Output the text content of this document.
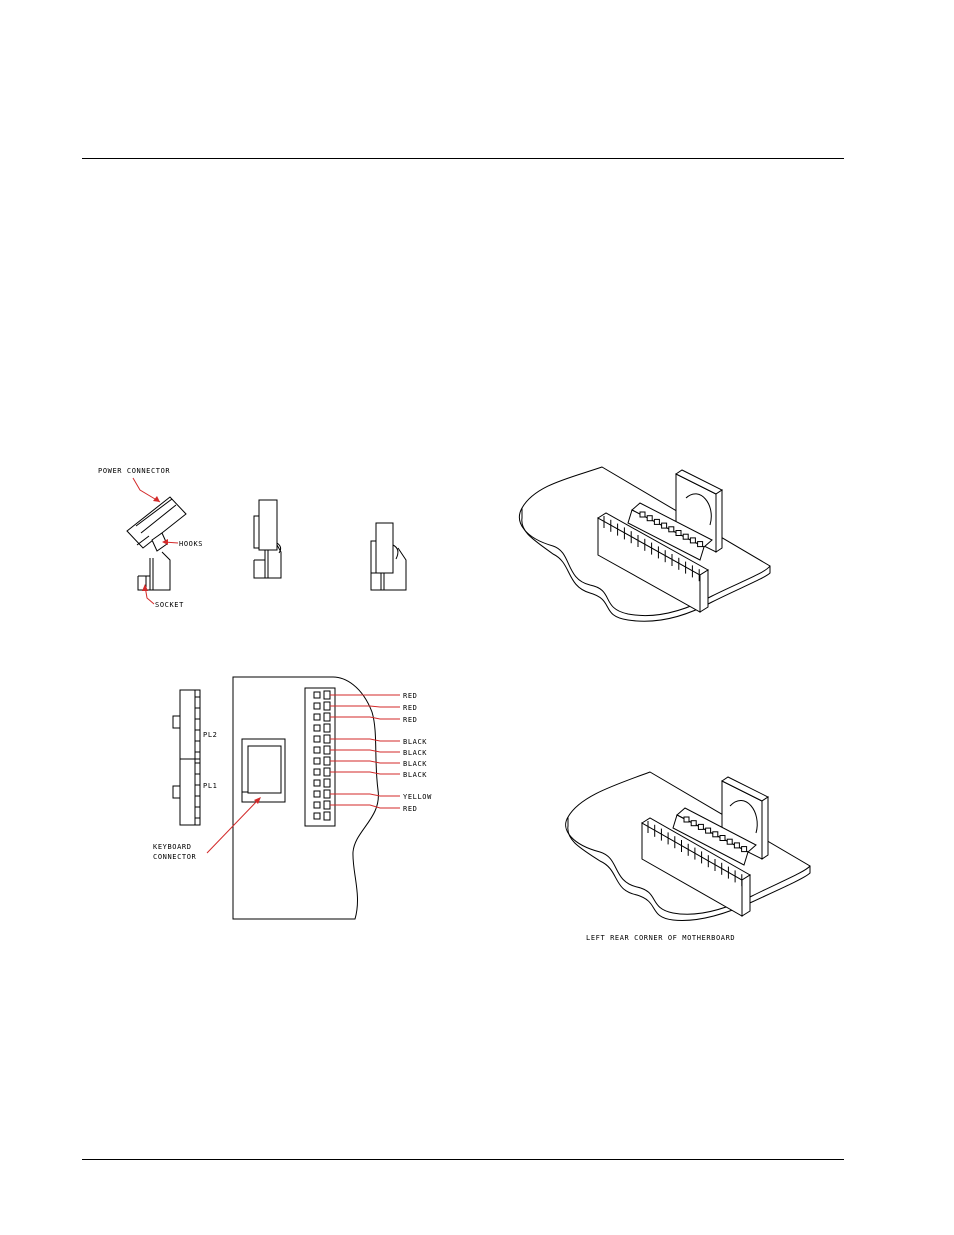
POWER CONNECTOR
HOOKS
SOCKET
PL2
PL1
KEYBOARD
CONNECTOR
RED
RED
RED
BLACK
BLACK
BLACK
BLACK
YELLOW
RED
LEFT REAR CORNER OF MOTHERBOARD
